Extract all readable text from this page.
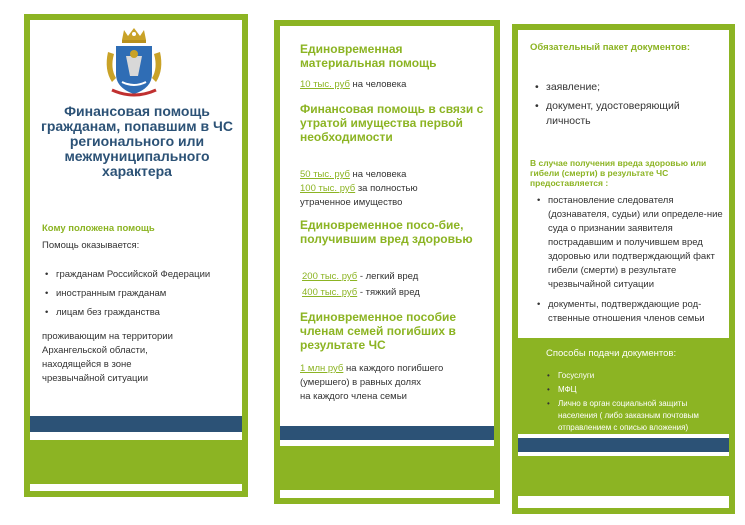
Финансовая помощь гражданам, попавшим в ЧС регионального или межмуниципального характера
Кому положена помощь
Помощь оказывается:
• гражданам Российской Федерации
• иностранным гражданам
• лицам без гражданства
проживающим на территории
Архангельской области,
находящейся в зоне
чрезвычайной ситуации
Единовременная материальная помощь
10 тыс. руб на человека
Финансовая помощь в связи с утратой имущества первой необходимости
50 тыс. руб на человека
100 тыс. руб за полностью
утраченное имущество
Единовременное посо-бие, получившим вред здоровью
200 тыс. руб - легкий вред
400 тыс. руб - тяжкий вред
Единовременное пособие членам семей погибших в результате ЧС
1 млн руб на каждого погибшего
(умершего) в равных долях
на каждого члена семьи
Обязательный пакет документов:
• заявление;
• документ, удостоверяющий личность
В случае получения вреда здоровью или гибели (смерти) в результате ЧС предоставляется :
• постановление следователя (дознавателя, судьи) или определе-ние суда о признании заявителя пострадавшим и получившем вред здоровью или подтверждающий факт гибели (смерти) в результате чрезвычайной ситуации
• документы, подтверждающие род-ственные отношения членов семьи
Способы подачи документов:
• Госуслуги
• МФЦ
• Лично в орган социальной защиты населения ( либо заказным почтовым отправлением с описью вложения)
